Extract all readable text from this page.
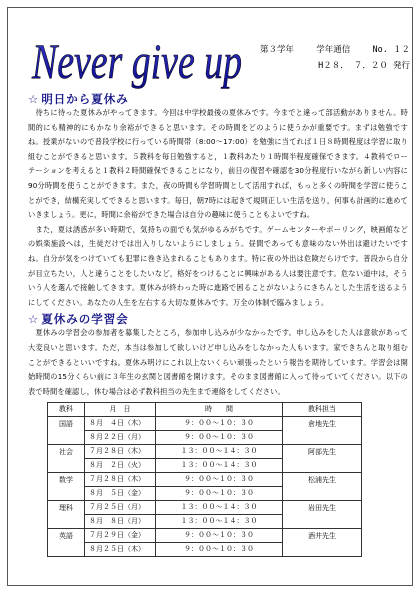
Never give up 第３学年	学年通信	No. １２
H２８． ７．２０ 発行
☆ 明日から夏休み

　待ちに待った夏休みがやってきます。今回は中学校最後の夏休みです。今までと違って部活動がありません。時間的にも精神的にもかなり余裕ができると思います。その時間をどのように使うかが重要です。まずは勉強ですね。授業がないので普段学校に行っている時間帯（8:00～17:00）を勉強に当てれば１日８時間程度は学習に取り組むことができると思います。５教科を毎日勉強すると，１教科あたり１時間半程度確保できます。４教科でローテーションを考えると１教科２時間確保できることになり，前日の復習や確認を30分程度行いながら新しい内容に90分時間を使うことができます。また，夜の時間も学習時間として活用すれば，もっと多くの時間を学習に使うことができ，結構充実してできると思います。毎日，朝7時には起きて規則正しい生活を送り，何事も計画的に進めていきましょう。更に，時間に余裕ができた場合は自分の趣味に使うこともよいですね。

　また，夏は誘惑が多い時期で，気持ちの面でも気がゆるみがちです。ゲームセンターやボーリング，映画館などの娯楽施設へは，生徒だけでは出入りしないようにしましょう。昼間であっても意味のない外出は避けたいですね。自分が気をつけていても犯罪に巻き込まれることもあります。特に夜の外出は危険だらけです。普段から自分が目立ちたい，人と違うことをしたいなど，格好をつけることに興味がある人は要注意です。危ない道中は，そういう人を選んで接触してきます。夏休みが終わった時に進路で困ることがないようにきちんとした生活を送るようにしてください。あなたの人生を左右する大切な夏休みです。万全の体制で臨みましょう。

☆ 夏休みの学習会

　夏休みの学習会の参加者を募集したところ，参加申し込みが少なかったです。申し込みをした人は意欲があって大変良いと思います。ただ，本当は参加して欲しいけど申し込みをしなかった人もいます。家できちんと取り組むことができるといいですね。夏休み明けにこれ以上ないくらい頑張ったという報告を期待しています。学習会は開始時間の15分くらい前に３年生の玄関と図書館を開けます。そのまま図書館に入って待っていてください。以下の表で時間を確認し，休む場合は必ず教科担当の先生まで連絡をしてください。

教科	月　日	時　　間	教科担当
国語	８月　４日（木）	９：００～１０：３０	倉地先生
	８月２２日（月）	９：００～１０：３０	
社会	７月２８日（木）	１３：００～１４：３０	阿部先生
	８月　２日（火）	１３：００～１４：３０	
数学	７月２８日（木）	９：００～１０：３０	松浦先生
	８月　５日（金）	９：００～１０：３０	
理科	７月２５日（月）	１３：００～１４：３０	岩田先生
	８月　８日（月）	１３：００～１４：３０	
英語	７月２９日（金）	９：００～１０：３０	酒井先生
	８月２５日（木）	９：００～１０：３０	
